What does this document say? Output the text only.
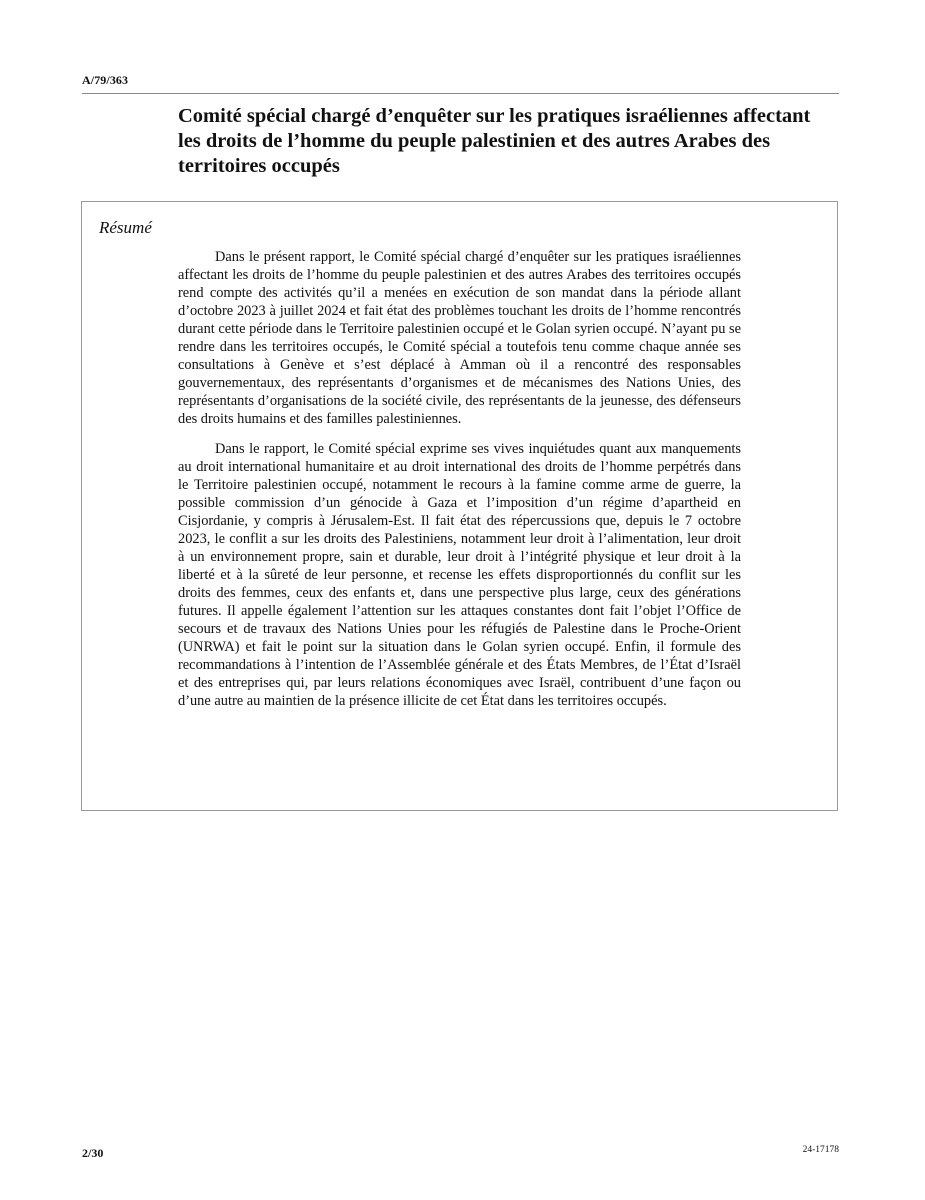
A/79/363
Comité spécial chargé d’enquêter sur les pratiques israéliennes affectant les droits de l’homme du peuple palestinien et des autres Arabes des territoires occupés
Résumé

Dans le présent rapport, le Comité spécial chargé d’enquêter sur les pratiques israéliennes affectant les droits de l’homme du peuple palestinien et des autres Arabes des territoires occupés rend compte des activités qu’il a menées en exécution de son mandat dans la période allant d’octobre 2023 à juillet 2024 et fait état des problèmes touchant les droits de l’homme rencontrés durant cette période dans le Territoire palestinien occupé et le Golan syrien occupé. N’ayant pu se rendre dans les territoires occupés, le Comité spécial a toutefois tenu comme chaque année ses consultations à Genève et s’est déplacé à Amman où il a rencontré des responsables gouvernementaux, des représentants d’organismes et de mécanismes des Nations Unies, des représentants d’organisations de la société civile, des représentants de la jeunesse, des défenseurs des droits humains et des familles palestiniennes.

Dans le rapport, le Comité spécial exprime ses vives inquiétudes quant aux manquements au droit international humanitaire et au droit international des droits de l’homme perpétrés dans le Territoire palestinien occupé, notamment le recours à la famine comme arme de guerre, la possible commission d’un génocide à Gaza et l’imposition d’un régime d’apartheid en Cisjordanie, y compris à Jérusalem-Est. Il fait état des répercussions que, depuis le 7 octobre 2023, le conflit a sur les droits des Palestiniens, notamment leur droit à l’alimentation, leur droit à un environnement propre, sain et durable, leur droit à l’intégrité physique et leur droit à la liberté et à la sûreté de leur personne, et recense les effets disproportionnés du conflit sur les droits des femmes, ceux des enfants et, dans une perspective plus large, ceux des générations futures. Il appelle également l’attention sur les attaques constantes dont fait l’objet l’Office de secours et de travaux des Nations Unies pour les réfugiés de Palestine dans le Proche-Orient (UNRWA) et fait le point sur la situation dans le Golan syrien occupé. Enfin, il formule des recommandations à l’intention de l’Assemblée générale et des États Membres, de l’État d’Israël et des entreprises qui, par leurs relations économiques avec Israël, contribuent d’une façon ou d’une autre au maintien de la présence illicite de cet État dans les territoires occupés.

2/30	24-17178
